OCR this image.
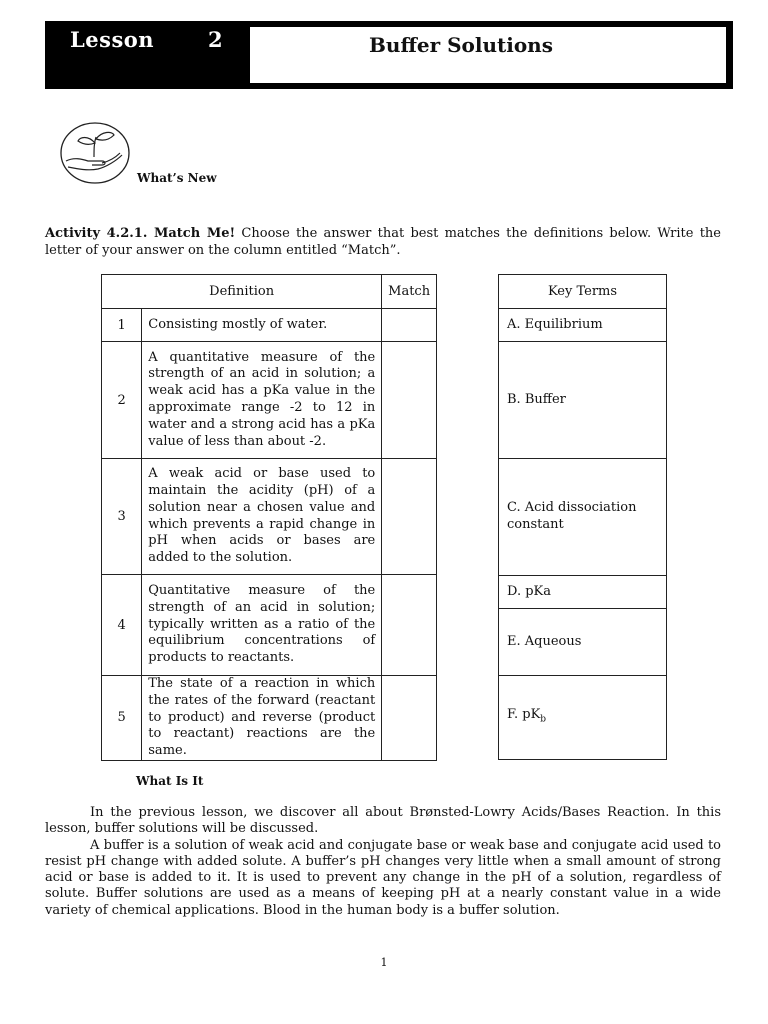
Lesson	2	Buffer Solutions
What’s New
Activity 4.2.1. Match Me! Choose the answer that best matches the definitions below. Write the letter of your answer on the column entitled “Match”.
Definition		Match
1	Consisting mostly of water.	
2	A quantitative measure of the strength of an acid in solution; a weak acid has a pKa value in the approximate range -2 to 12 in water and a strong acid has a pKa value of less than about -2.	
3	A weak acid or base used to maintain the acidity (pH) of a solution near a chosen value and which prevents a rapid change in pH when acids or bases are added to the solution.	
4	Quantitative measure of the strength of an acid in solution; typically written as a ratio of the equilibrium concentrations of products to reactants.	
5	The state of a reaction in which the rates of the forward (reactant to product) and reverse (product to reactant) reactions are the same.	
Key Terms
A. Equilibrium
B. Buffer
C. Acid dissociation constant
D. pKa
E. Aqueous
F. $pK_b$
What Is It

In the previous lesson, we discover all about Brønsted-Lowry Acids/Bases Reaction. In this lesson, buffer solutions will be discussed.

A buffer is a solution of weak acid and conjugate base or weak base and conjugate acid used to resist pH change with added solute. A buffer’s pH changes very little when a small amount of strong acid or base is added to it. It is used to prevent any change in the pH of a solution, regardless of solute. Buffer solutions are used as a means of keeping pH at a nearly constant value in a wide variety of chemical applications. Blood in the human body is a buffer solution.

1
